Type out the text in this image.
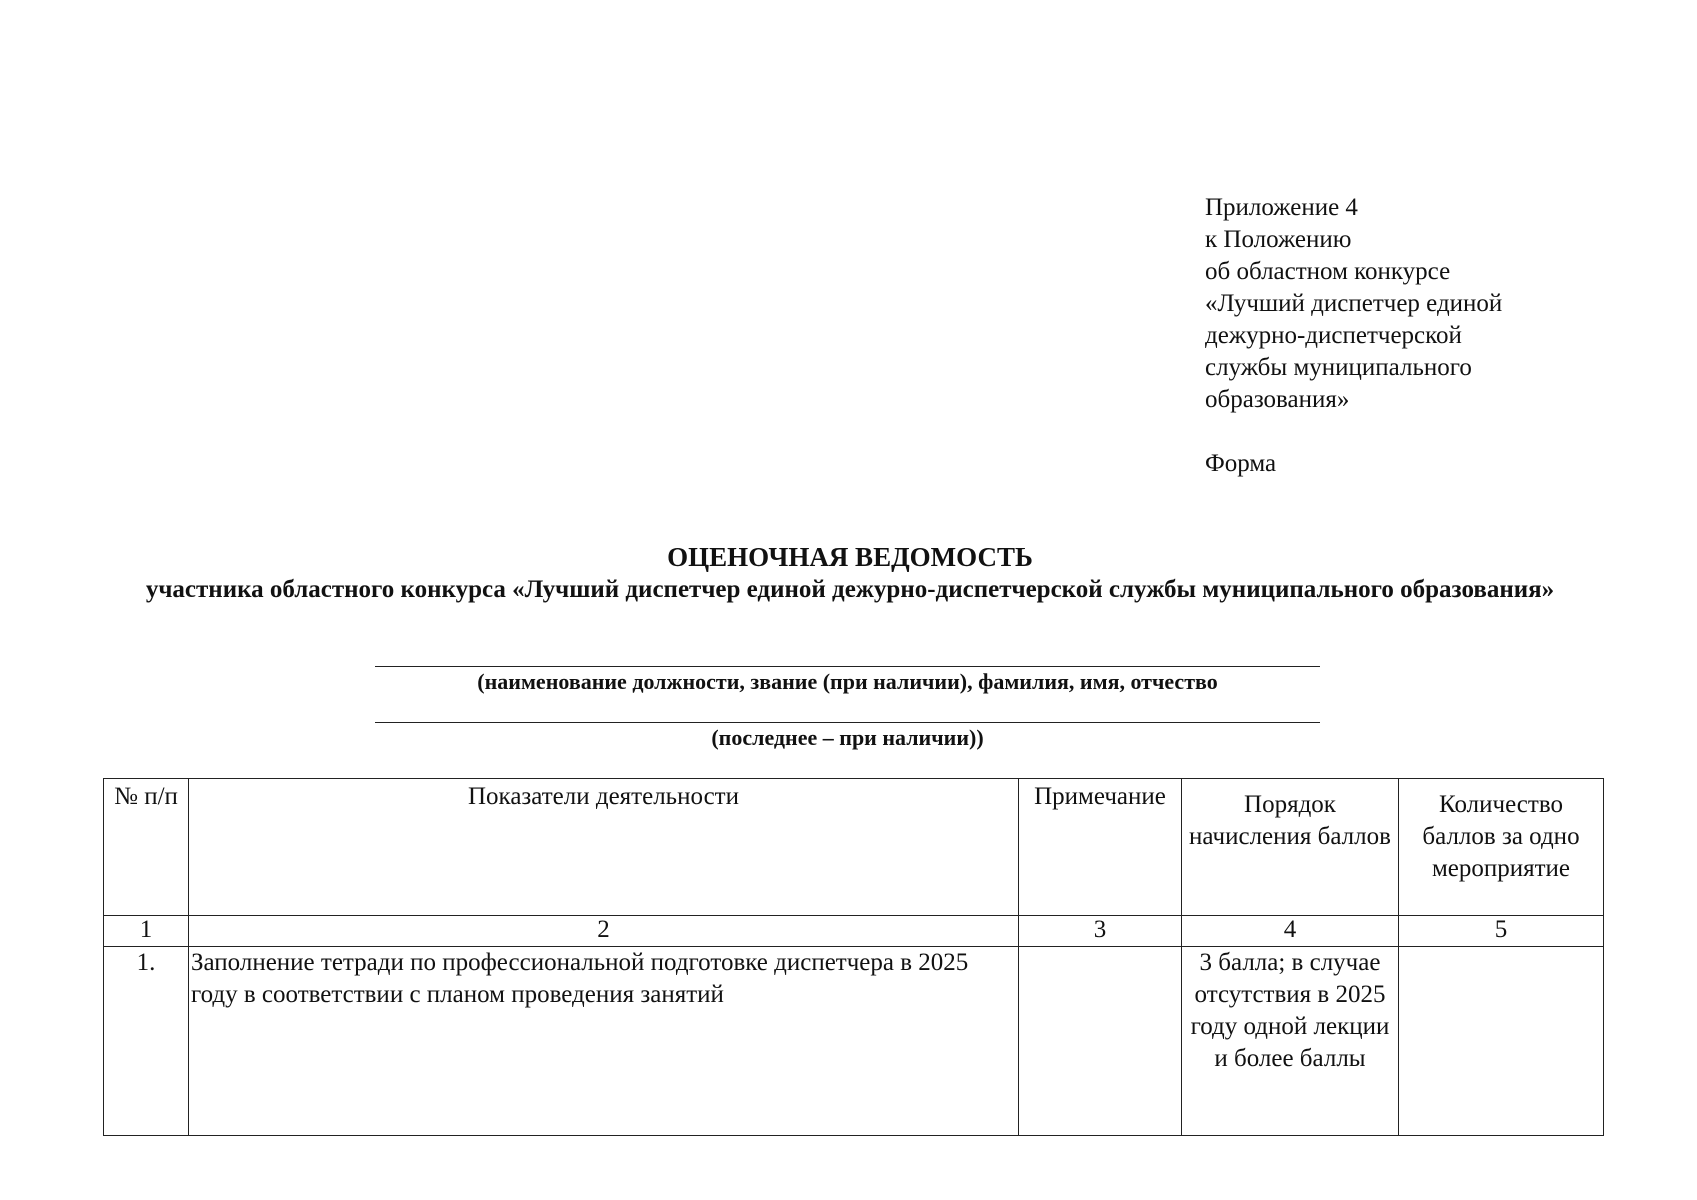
Приложение 4
к Положению
об областном конкурсе
«Лучший диспетчер единой
дежурно-диспетчерской
службы муниципального
образования»
Форма
ОЦЕНОЧНАЯ ВЕДОМОСТЬ
участника областного конкурса «Лучший диспетчер единой дежурно-диспетчерской службы муниципального образования»
(наименование должности, звание (при наличии), фамилия, имя, отчество
(последнее – при наличии))
№ п/п	Показатели деятельности	Примечание	Порядок начисления баллов	Количество баллов за одно мероприятие
1	2	3	4	5
1.	Заполнение тетради по профессиональной подготовке диспетчера в 2025 году в соответствии с планом проведения занятий		3 балла; в случае отсутствия в 2025 году одной лекции и более баллы	
